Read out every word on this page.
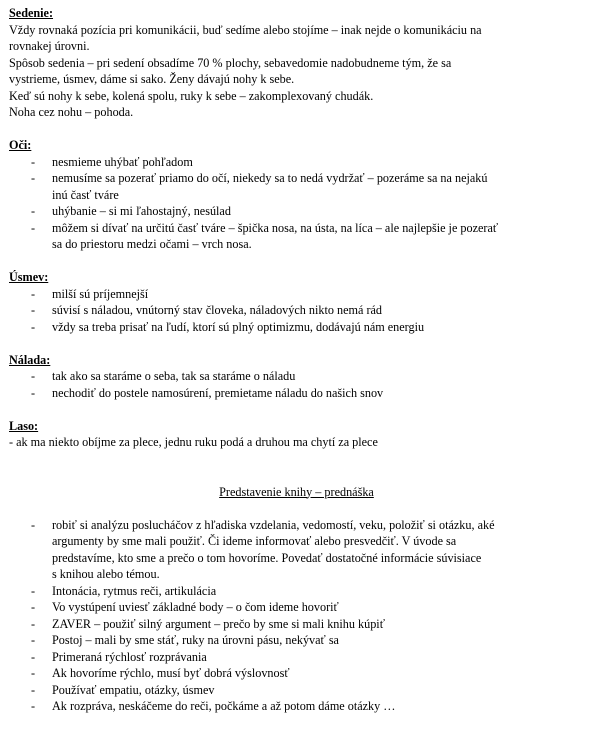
Sedenie:
Vždy rovnaká pozícia pri komunikácii, buď sedíme alebo stojíme – inak nejde o komunikáciu na
rovnakej úrovni.
Spôsob sedenia – pri sedení obsadíme 70 % plochy, sebavedomie nadobudneme tým, že sa
vystrieme, úsmev, dáme si sako. Ženy dávajú nohy k sebe.
Keď sú nohy k sebe, kolená spolu, ruky k sebe – zakomplexovaný chudák.
Noha cez nohu – pohoda.
Oči:
- nesmieme uhýbať pohľadom
- nemusíme sa pozerať priamo do očí, niekedy sa to nedá vydržať – pozeráme sa na nejakú
inú časť tváre
- uhýbanie – si mi ľahostajný, nesúlad
- môžem si dívať na určitú časť tváre – špička nosa, na ústa, na líca – ale najlepšie je pozerať
sa do priestoru medzi očami – vrch nosa.
Úsmev:
- milší sú príjemnejší
- súvisí s náladou, vnútorný stav človeka, náladových nikto nemá rád
- vždy sa treba prisať na ľudí, ktorí sú plný optimizmu, dodávajú nám energiu
Nálada:
- tak ako sa staráme o seba, tak sa staráme o náladu
- nechodiť do postele namosúrení, premietame náladu do našich snov
Laso:
- ak ma niekto obíjme za plece, jednu ruku podá a druhou ma chytí za plece
Predstavenie knihy – prednáška
- robiť si analýzu poslucháčov z hľadiska vzdelania, vedomostí, veku, položiť si otázku, aké
argumenty by sme mali použiť. Či ideme informovať alebo presvedčiť. V úvode sa
predstavíme, kto sme a prečo o tom hovoríme. Povedať dostatočné informácie súvisiace
s knihou alebo témou.
- Intonácia, rytmus reči, artikulácia
- Vo vystúpení uviesť základné body – o čom ideme hovoriť
- ZAVER – použiť silný argument – prečo by sme si mali knihu kúpiť
- Postoj – mali by sme stáť, ruky na úrovni pásu, nekývať sa
- Primeraná rýchlosť rozprávania
- Ak hovoríme rýchlo, musí byť dobrá výslovnosť
- Používať empatiu, otázky, úsmev
- Ak rozpráva, neskáčeme do reči, počkáme a až potom dáme otázky …
